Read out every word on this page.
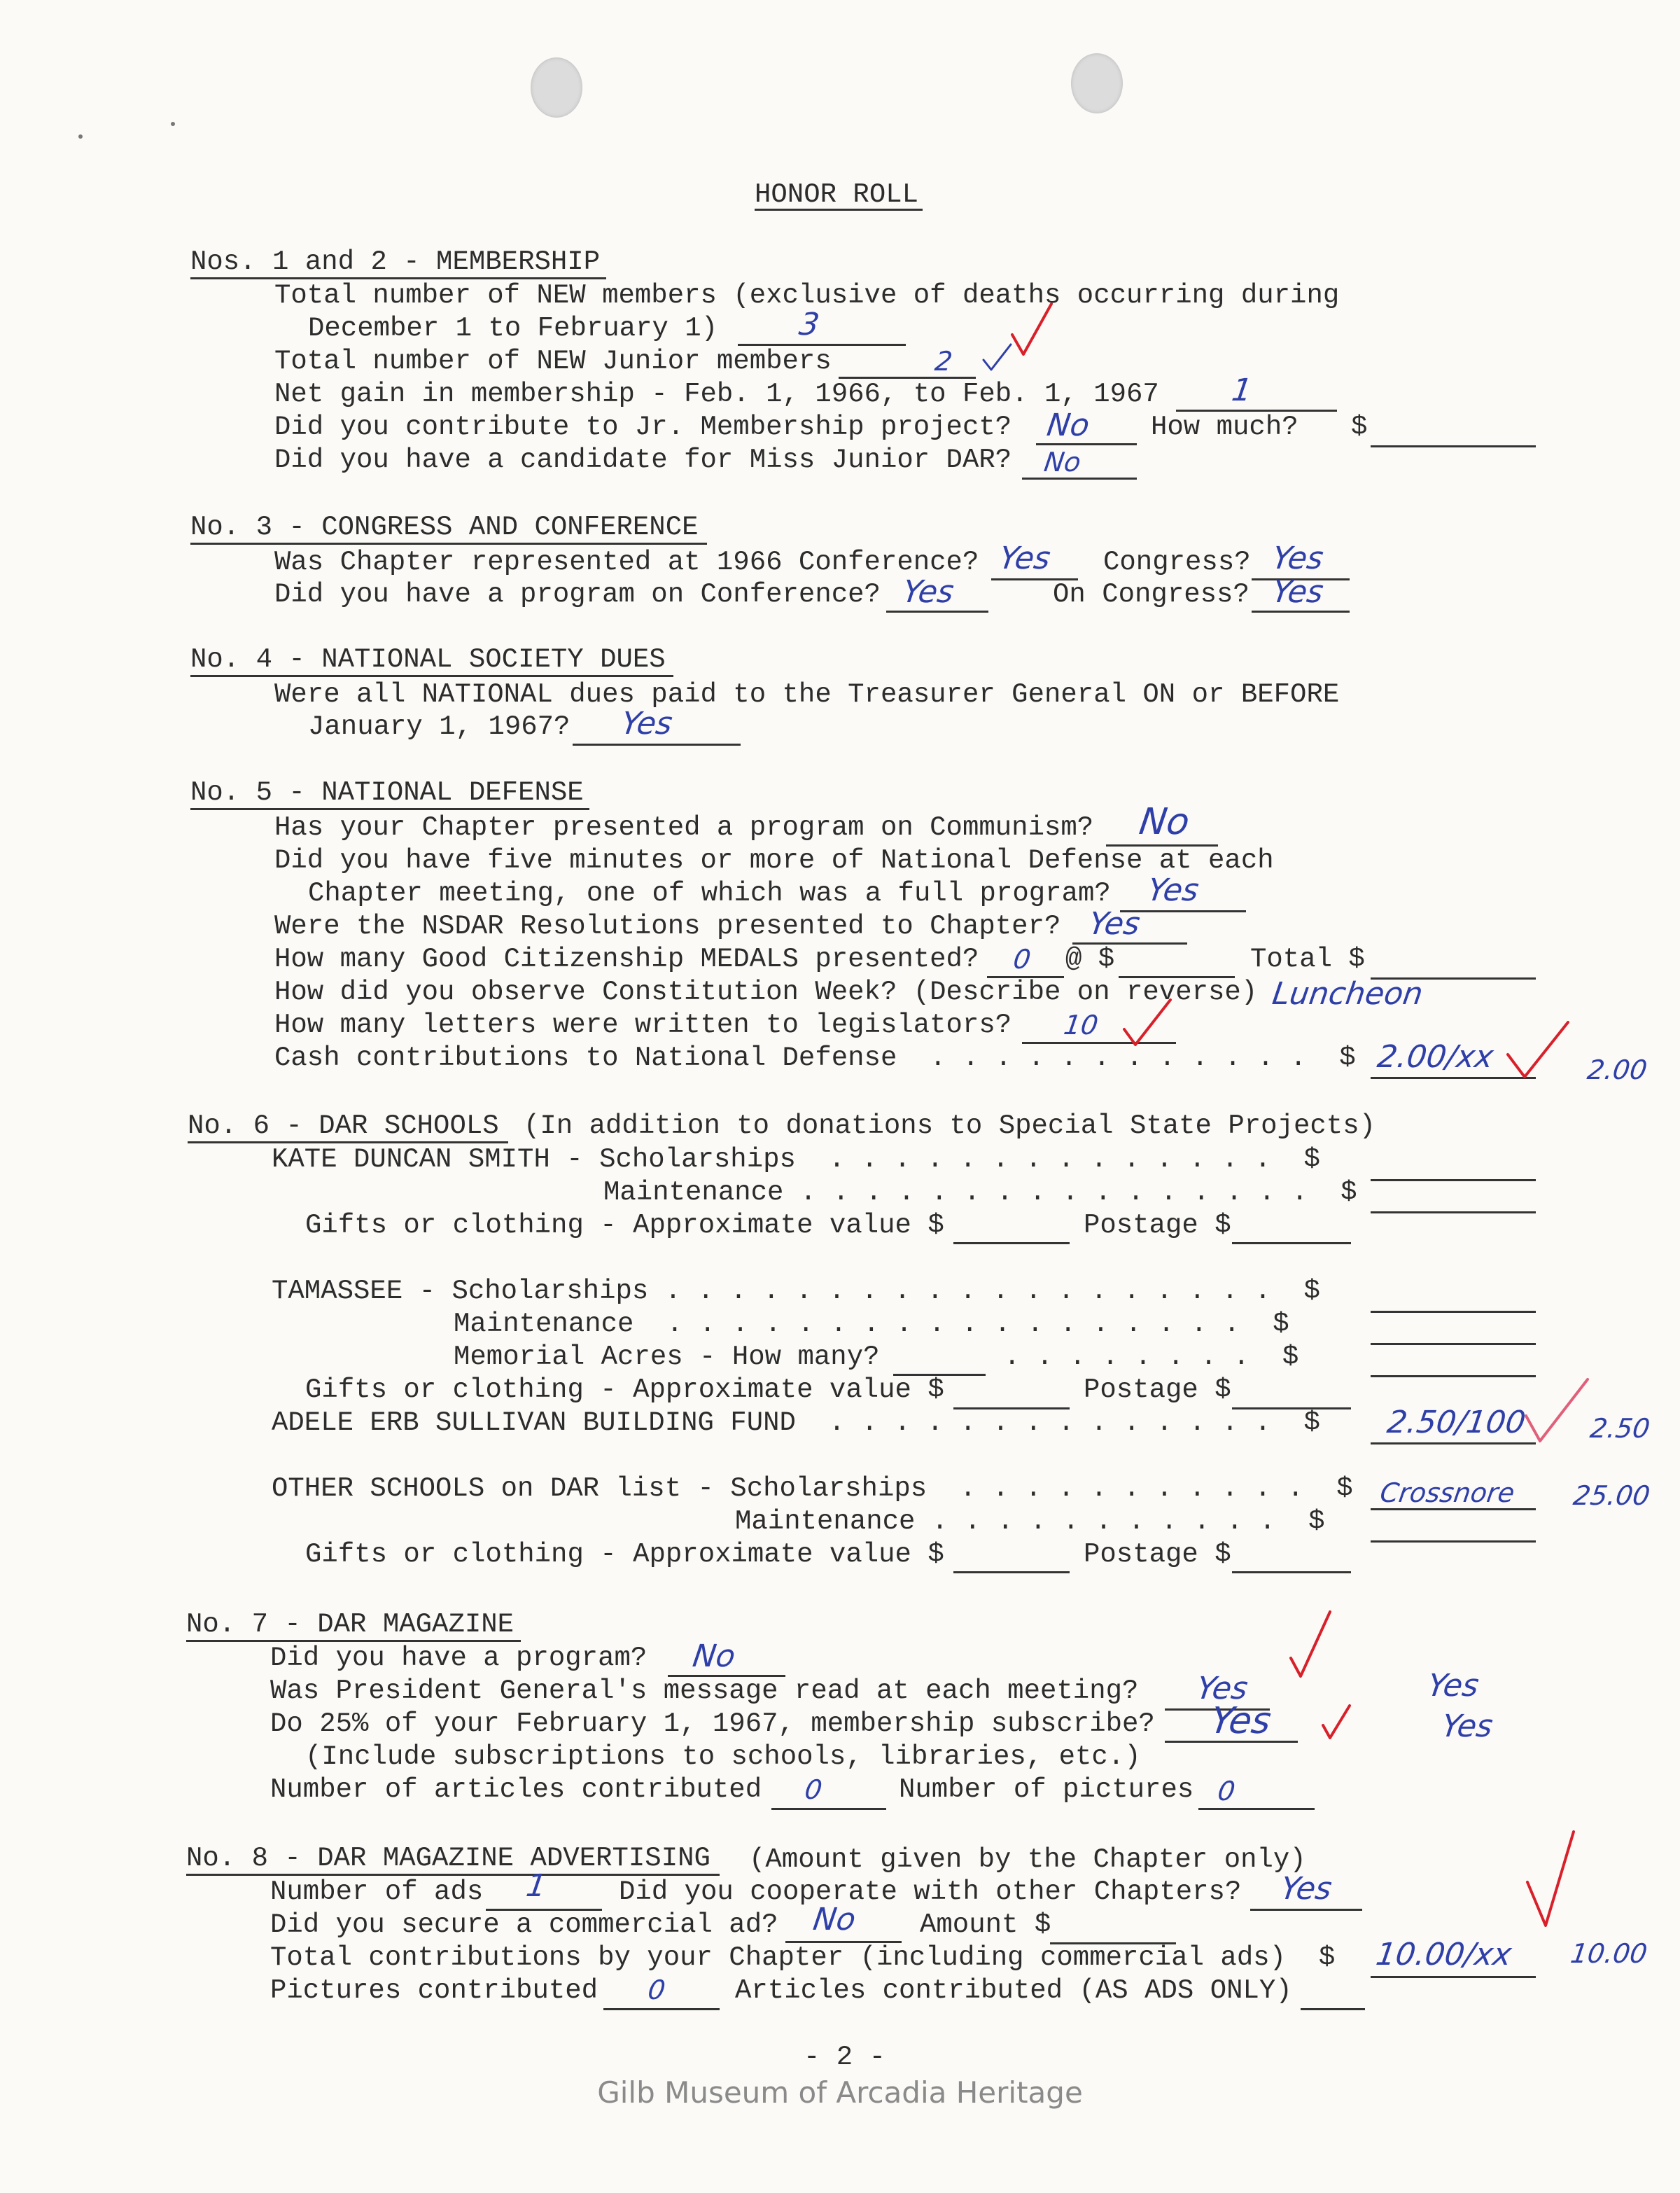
HONOR ROLL
Nos. 1 and 2 - MEMBERSHIP
Total number of NEW members (exclusive of deaths occurring during
December 1 to February 1)	3
Total number of NEW Junior members	2
Net gain in membership - Feb. 1, 1966, to Feb. 1, 1967 1
Did you contribute to Jr. Membership project? No How much? $
Did you have a candidate for Miss Junior DAR? No
No. 3 - CONGRESS AND CONFERENCE
Was Chapter represented at 1966 Conference? Yes Congress? Yes
Did you have a program on Conference? Yes	On Congress? Yes
No. 4 - NATIONAL SOCIETY DUES
Were all NATIONAL dues paid to the Treasurer General ON or BEFORE
January 1, 1967? Yes
No. 5 - NATIONAL DEFENSE
Has your Chapter presented a program on Communism? No
Did you have five minutes or more of National Defense at each
Chapter meeting, one of which was a full program? Yes
Were the NSDAR Resolutions presented to Chapter? Yes
How many Good Citizenship MEDALS presented? 0 @ $	Total $
How did you observe Constitution Week? (Describe on reverse) Luncheon
How many letters were written to legislators? 10
Cash contributions to National Defense  . . . . . . . . . . . .  $ 2.00/xx	2.00
No. 6 - DAR SCHOOLS (In addition to donations to Special State Projects)
KATE DUNCAN SMITH - Scholarships  . . . . . . . . . . . . . .  $
Maintenance . . . . . . . . . . . . . . . .  $
Gifts or clothing - Approximate value $	Postage $
TAMASSEE - Scholarships . . . . . . . . . . . . . . . . . . .  $
Maintenance  . . . . . . . . . . . . . . . . . .  $
Memorial Acres - How many?	. . . . . . . .  $
Gifts or clothing - Approximate value $	Postage $
ADELE ERB SULLIVAN BUILDING FUND  . . . . . . . . . . . . . .  $ 2.50/100 2.50
OTHER SCHOOLS on DAR list - Scholarships  . . . . . . . . . . .  $ Crossnore 25.00
Maintenance . . . . . . . . . . .  $
Gifts or clothing - Approximate value $	Postage $
No. 7 - DAR MAGAZINE
Did you have a program? No
Was President General's message read at each meeting? Yes	Yes
Do 25% of your February 1, 1967, membership subscribe? Yes	Yes
(Include subscriptions to schools, libraries, etc.)
Number of articles contributed 0	Number of pictures 0
No. 8 - DAR MAGAZINE ADVERTISING (Amount given by the Chapter only)
Number of ads 1	Did you cooperate with other Chapters? Yes
Did you secure a commercial ad? No Amount $
Total contributions by your Chapter (including commercial ads)  $ 10.00/xx 10.00
Pictures contributed 0 Articles contributed (AS ADS ONLY)
- 2 -
Gilb Museum of Arcadia Heritage
